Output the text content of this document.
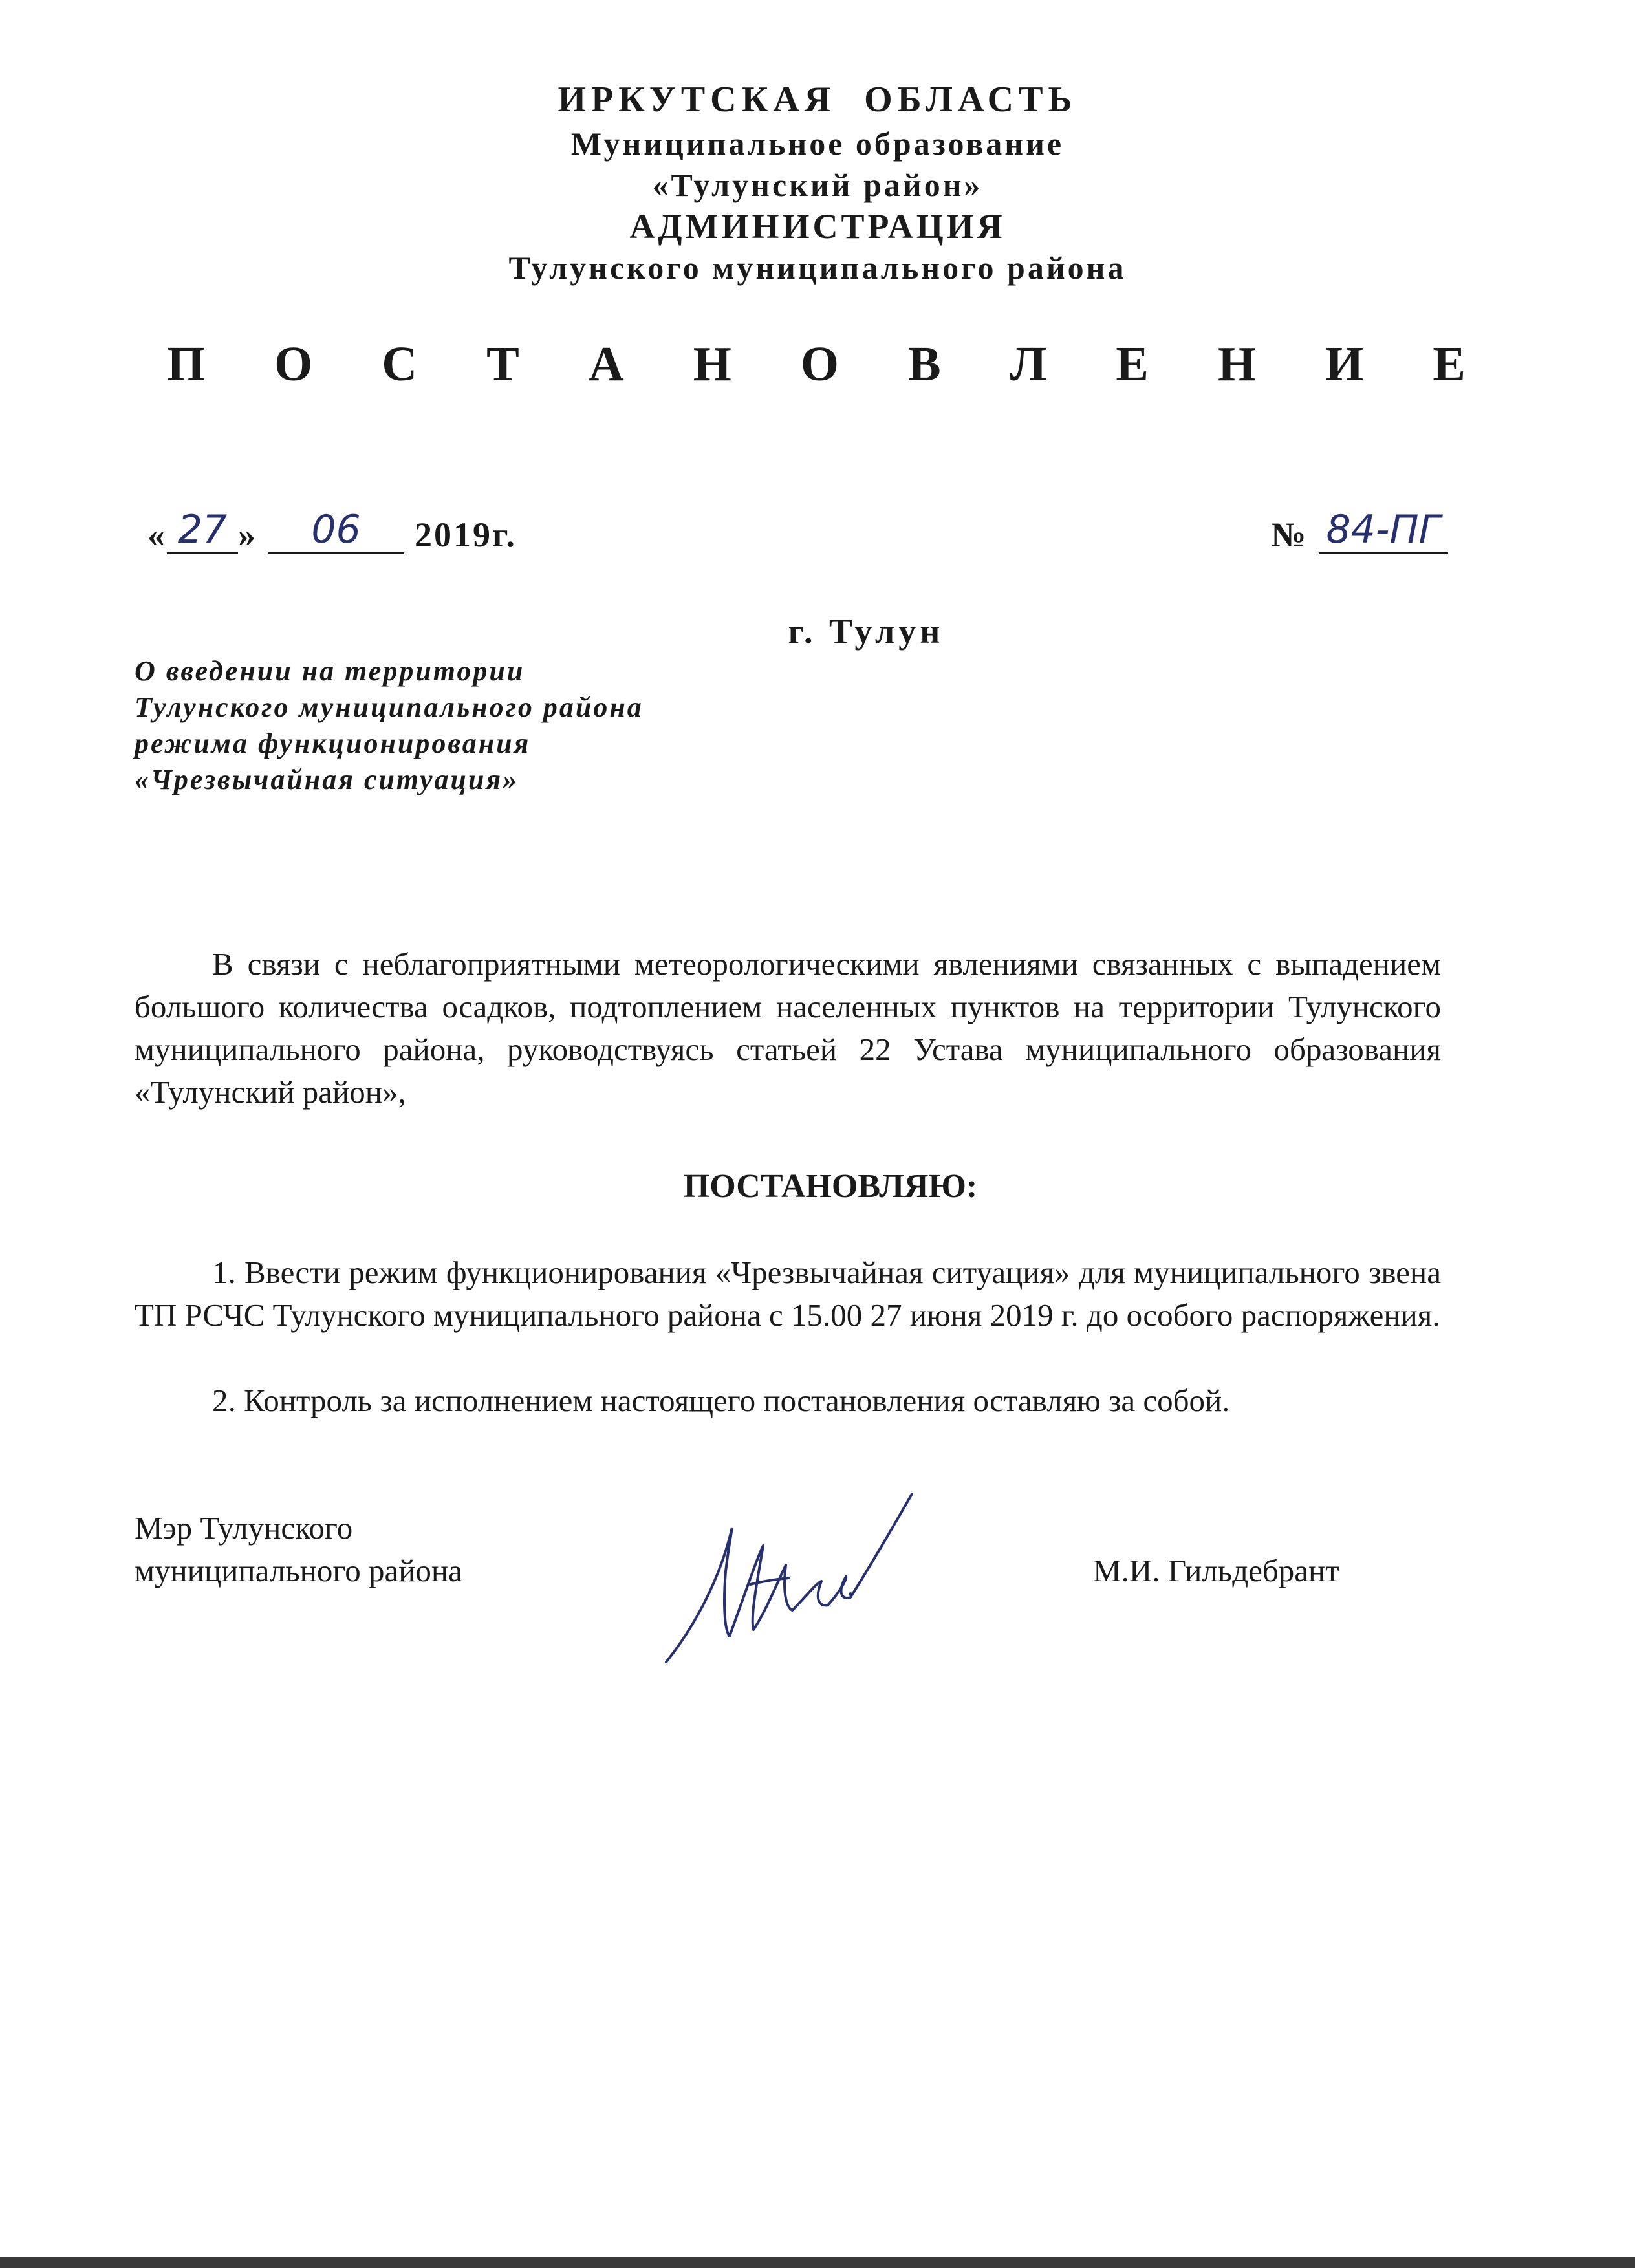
ИРКУТСКАЯ  ОБЛАСТЬ
Муниципальное образование
«Тулунский район»
АДМИНИСТРАЦИЯ
Тулунского муниципального района
П О С Т А Н О В Л Е Н И Е
« 27 » 06 2019г.	№ 84-ПГ
г. Тулун
О введении на территории
Тулунского муниципального района
режима функционирования
«Чрезвычайная ситуация»
В связи с неблагоприятными метеорологическими явлениями связанных с выпадением большого количества осадков, подтоплением населенных пунктов на территории Тулунского муниципального района, руководствуясь статьей 22 Устава муниципального образования «Тулунский район»,
ПОСТАНОВЛЯЮ:
1. Ввести режим функционирования «Чрезвычайная ситуация» для муниципального звена ТП РСЧС Тулунского муниципального района с 15.00 27 июня 2019 г. до особого распоряжения.
2. Контроль за исполнением настоящего постановления оставляю за собой.
Мэр Тулунского
муниципального района	М.И. Гильдебрант
